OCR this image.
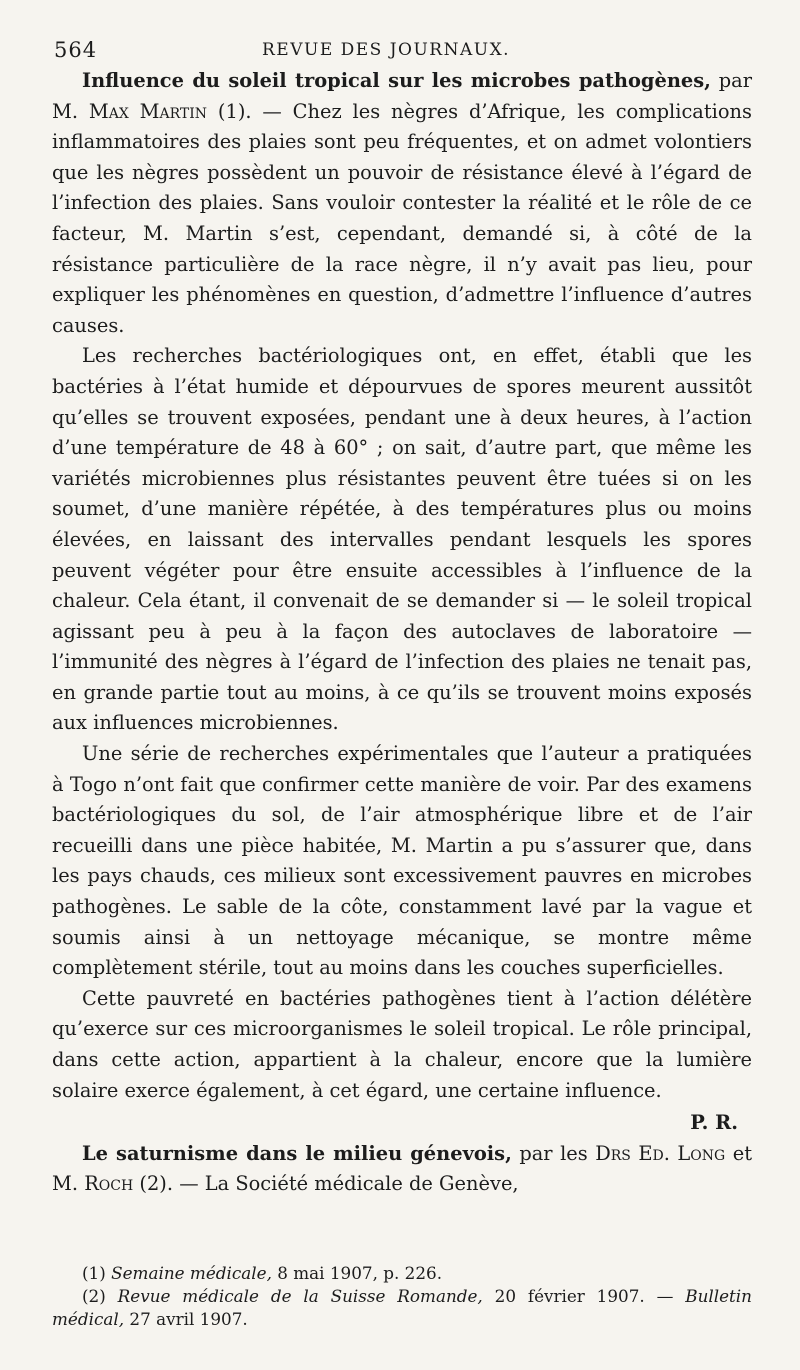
564	REVUE DES JOURNAUX.

Influence du soleil tropical sur les microbes pathogènes, par M. Max Martin (1). — Chez les nègres d’Afrique, les complications inflammatoires des plaies sont peu fréquentes, et on admet volontiers que les nègres possèdent un pouvoir de résistance élevé à l’égard de l’infection des plaies. Sans vouloir contester la réalité et le rôle de ce facteur, M. Martin s’est, cependant, demandé si, à côté de la résistance particulière de la race nègre, il n’y avait pas lieu, pour expliquer les phénomènes en question, d’admettre l’influence d’autres causes.

Les recherches bactériologiques ont, en effet, établi que les bactéries à l’état humide et dépourvues de spores meurent aussitôt qu’elles se trouvent exposées, pendant une à deux heures, à l’action d’une température de 48 à 60° ; on sait, d’autre part, que même les variétés microbiennes plus résistantes peuvent être tuées si on les soumet, d’une manière répétée, à des températures plus ou moins élevées, en laissant des intervalles pendant lesquels les spores peuvent végéter pour être ensuite accessibles à l’influence de la chaleur. Cela étant, il convenait de se demander si — le soleil tropical agissant peu à peu à la façon des autoclaves de laboratoire — l’immunité des nègres à l’égard de l’infection des plaies ne tenait pas, en grande partie tout au moins, à ce qu’ils se trouvent moins exposés aux influences microbiennes.

Une série de recherches expérimentales que l’auteur a pratiquées à Togo n’ont fait que confirmer cette manière de voir. Par des examens bactériologiques du sol, de l’air atmosphérique libre et de l’air recueilli dans une pièce habitée, M. Martin a pu s’assurer que, dans les pays chauds, ces milieux sont excessivement pauvres en microbes pathogènes. Le sable de la côte, constamment lavé par la vague et soumis ainsi à un nettoyage mécanique, se montre même complètement stérile, tout au moins dans les couches superficielles.

Cette pauvreté en bactéries pathogènes tient à l’action délétère qu’exerce sur ces microorganismes le soleil tropical. Le rôle principal, dans cette action, appartient à la chaleur, encore que la lumière solaire exerce également, à cet égard, une certaine influence.

P. R.

Le saturnisme dans le milieu génevois, par les Drs Ed. Long et M. Roch (2). — La Société médicale de Genève,

(1) Semaine médicale, 8 mai 1907, p. 226.

(2) Revue médicale de la Suisse Romande, 20 février 1907. — Bulletin médical, 27 avril 1907.
